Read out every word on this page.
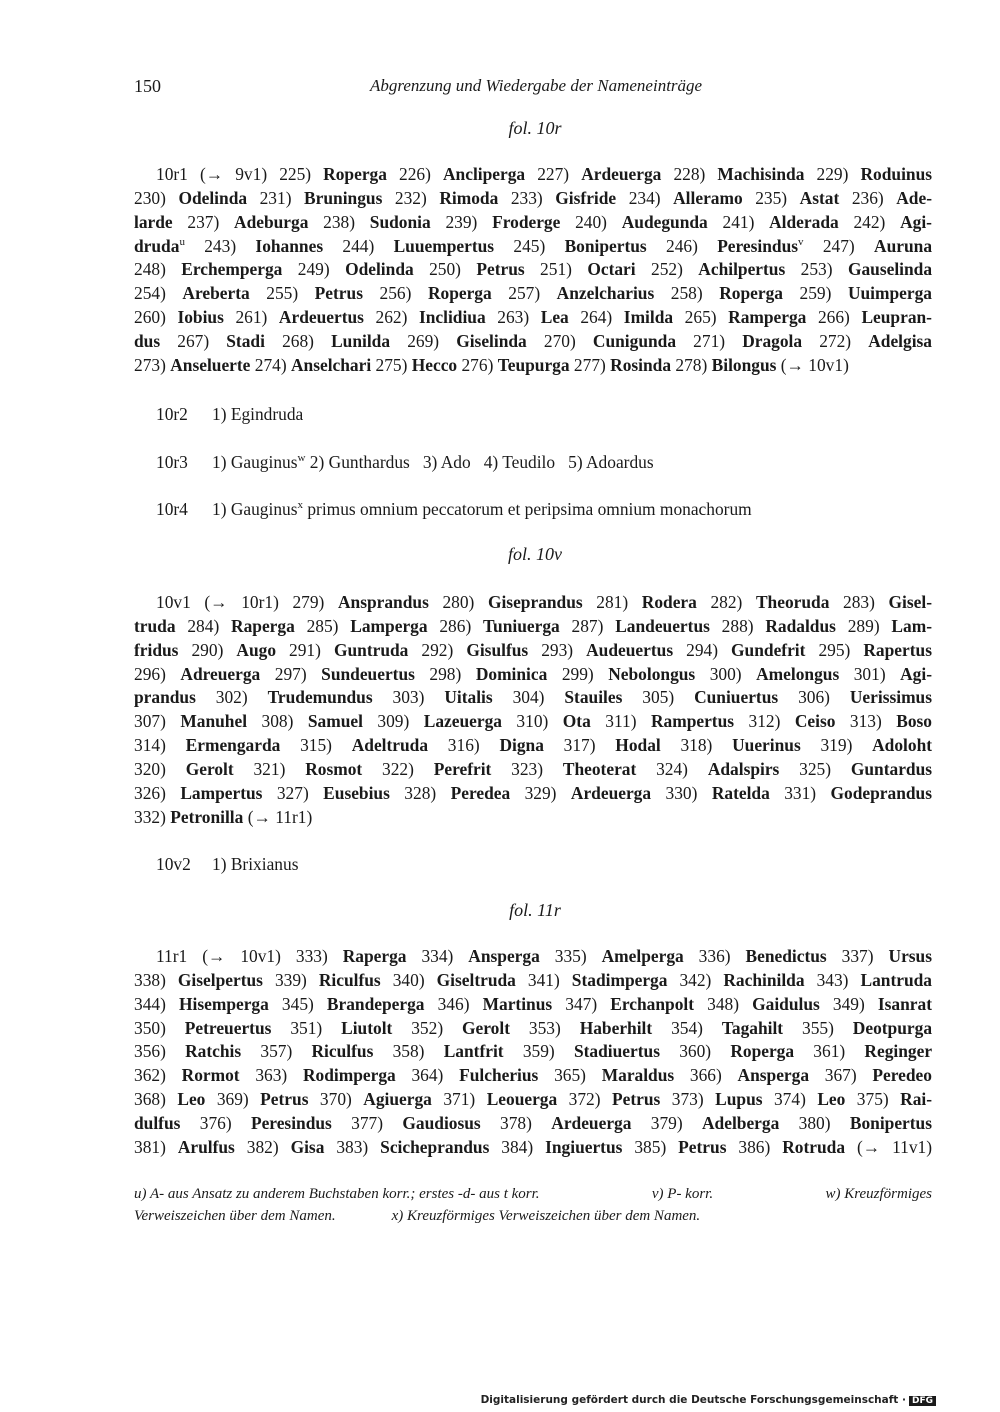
150	Abgrenzung und Wiedergabe der Nameneinträge
fol. 10r
10r1 (→ 9v1) 225) Roperga 226) Ancliperga 227) Ardeuerga 228) Machisinda 229) Roduinus
230) Odelinda 231) Bruningus 232) Rimoda 233) Gisfride 234) Alleramo 235) Astat 236) Ade-
larde 237) Adeburga 238) Sudonia 239) Froderge 240) Audegunda 241) Alderada 242) Agi-
druda$^u$ 243) Iohannes 244) Luuempertus 245) Bonipertus 246) Peresindus$^v$ 247) Auruna
248) Erchemperga 249) Odelinda 250) Petrus 251) Octari 252) Achilpertus 253) Gauselinda
254) Areberta 255) Petrus 256) Roperga 257) Anzelcharius 258) Roperga 259) Uuimperga
260) Iobius 261) Ardeuertus 262) Inclidiua 263) Lea 264) Imilda 265) Ramperga 266) Leupran-
dus 267) Stadi 268) Lunilda 269) Giselinda 270) Cunigunda 271) Dragola 272) Adelgisa
273) Anseluerte 274) Anselchari 275) Hecco 276) Teupurga 277) Rosinda 278) Bilongus (→ 10v1)
10r2 1) Egindruda
10r3 1) Gauginus$^w$ 2) Gunthardus   3) Ado   4) Teudilo   5) Adoardus
10r4 1) Gauginus$^x$ primus omnium peccatorum et peripsima omnium monachorum
fol. 10v
10v1 (→ 10r1) 279) Ansprandus 280) Giseprandus 281) Rodera 282) Theoruda 283) Gisel-
truda 284) Raperga 285) Lamperga 286) Tuniuerga 287) Landeuertus 288) Radaldus 289) Lam-
fridus 290) Augo 291) Guntruda 292) Gisulfus 293) Audeuertus 294) Gundefrit 295) Rapertus
296) Adreuerga 297) Sundeuertus 298) Dominica 299) Nebolongus 300) Amelongus 301) Agi-
prandus 302) Trudemundus 303) Uitalis 304) Stauiles 305) Cuniuertus 306) Uerissimus
307) Manuhel 308) Samuel 309) Lazeuerga 310) Ota 311) Rampertus 312) Ceiso 313) Boso
314) Ermengarda 315) Adeltruda 316) Digna 317) Hodal 318) Uuerinus 319) Adoloht
320) Gerolt 321) Rosmot 322) Perefrit 323) Theoterat 324) Adalspirs 325) Guntardus
326) Lampertus 327) Eusebius 328) Peredea 329) Ardeuerga 330) Ratelda 331) Godeprandus
332) Petronilla (→ 11r1)
10v2 1) Brixianus
fol. 11r
11r1 (→ 10v1) 333) Raperga 334) Ansperga 335) Amelperga 336) Benedictus 337) Ursus
338) Giselpertus 339) Riculfus 340) Giseltruda 341) Stadimperga 342) Rachinilda 343) Lantruda
344) Hisemperga 345) Brandeperga 346) Martinus 347) Erchanpolt 348) Gaidulus 349) Isanrat
350) Petreuertus 351) Liutolt 352) Gerolt 353) Haberhilt 354) Tagahilt 355) Deotpurga
356) Ratchis 357) Riculfus 358) Lantfrit 359) Stadiuertus 360) Roperga 361) Reginger
362) Rormot 363) Rodimperga 364) Fulcherius 365) Maraldus 366) Ansperga 367) Peredeo
368) Leo 369) Petrus 370) Agiuerga 371) Leouerga 372) Petrus 373) Lupus 374) Leo 375) Rai-
dulfus 376) Peresindus 377) Gaudiosus 378) Ardeuerga 379) Adelberga 380) Bonipertus
381) Arulfus 382) Gisa 383) Scicheprandus 384) Ingiuertus 385) Petrus 386) Rotruda (→ 11v1)
u) A- aus Ansatz zu anderem Buchstaben korr.; erstes -d- aus t korr.	v) P- korr.	w) Kreuzförmiges
Verweiszeichen über dem Namen.	x) Kreuzförmiges Verweiszeichen über dem Namen.
Digitalisierung gefördert durch die Deutsche Forschungsgemeinschaft · DFG
